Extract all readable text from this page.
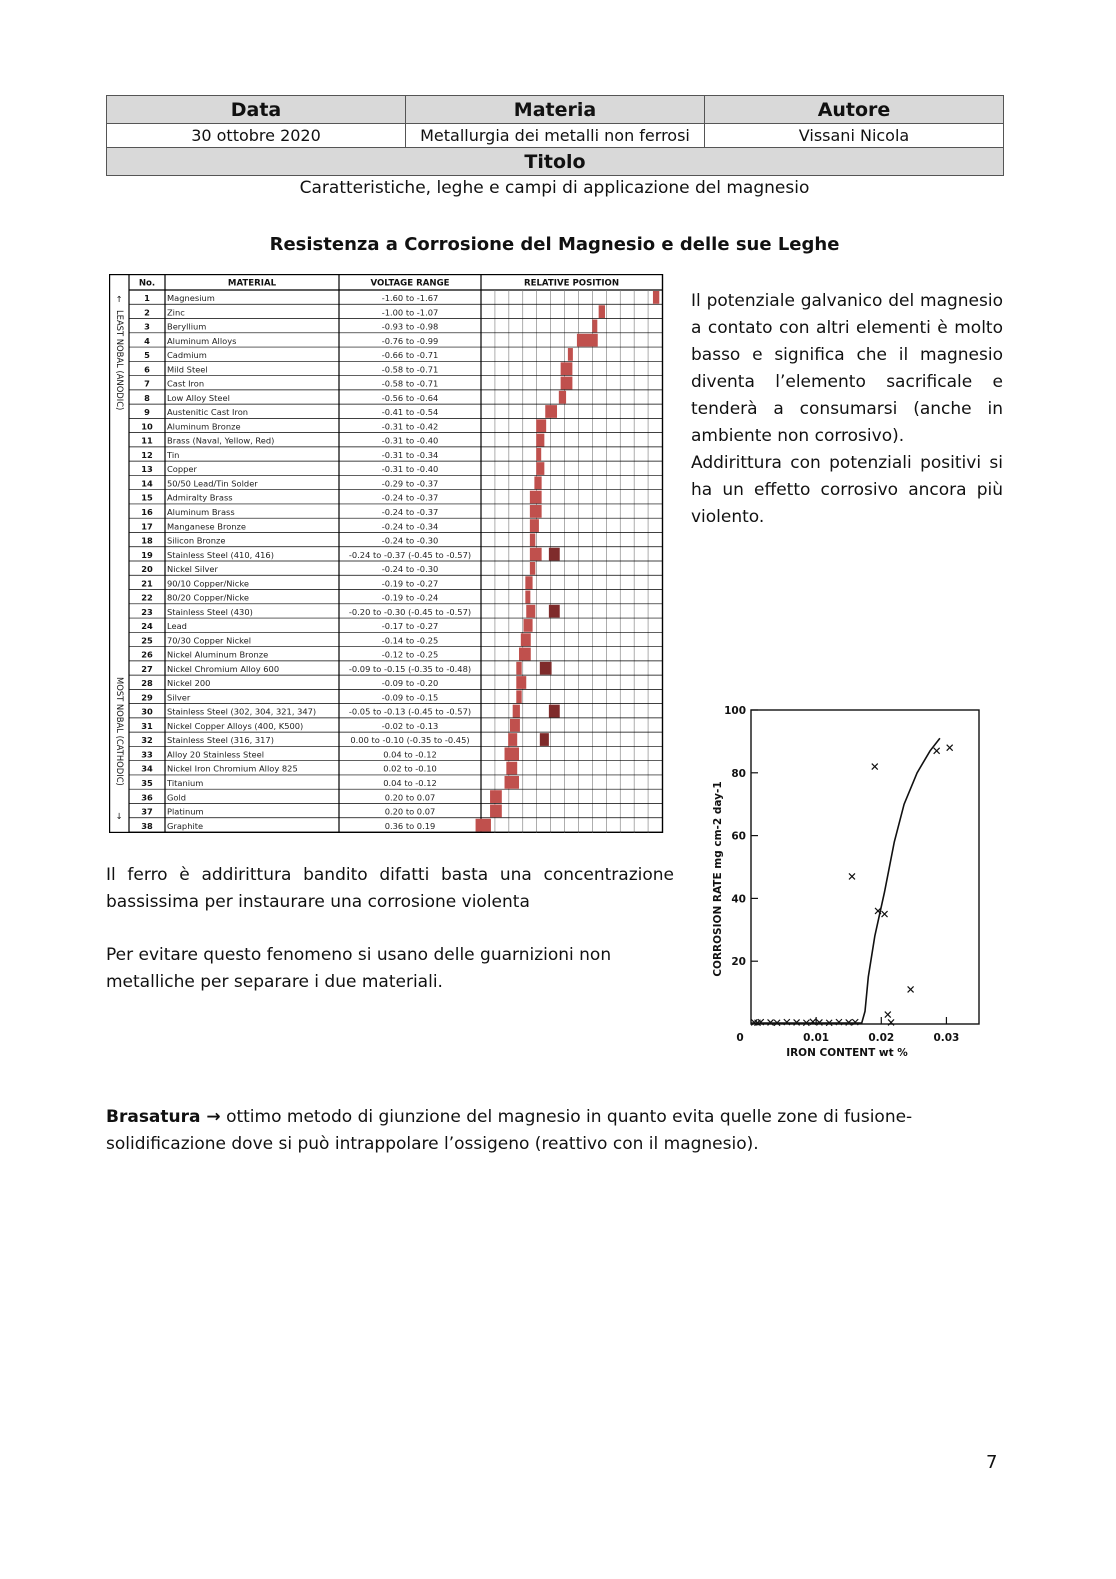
Data	Materia	Autore
30 ottobre 2020	Metallurgia dei metalli non ferrosi	Vissani Nicola
Titolo		
Caratteristiche, leghe e campi di applicazione del magnesio
Resistenza a Corrosione del Magnesio e delle sue Leghe
No.	MATERIAL	VOLTAGE RANGE	RELATIVE POSITION
LEAST NOBAL (ANODIC)
MOST NOBAL (CATHODIC)
↑
↓
1 Magnesium	-1.60 to -1.67
2 Zinc	-1.00 to -1.07
3 Beryllium	-0.93 to -0.98
4 Aluminum Alloys	-0.76 to -0.99
5 Cadmium	-0.66 to -0.71
6 Mild Steel	-0.58 to -0.71
7 Cast Iron	-0.58 to -0.71
8 Low Alloy Steel	-0.56 to -0.64
9 Austenitic Cast Iron	-0.41 to -0.54
10 Aluminum Bronze	-0.31 to -0.42
11 Brass (Naval, Yellow, Red)	-0.31 to -0.40
12 Tin	-0.31 to -0.34
13 Copper	-0.31 to -0.40
14 50/50 Lead/Tin Solder	-0.29 to -0.37
15 Admiralty Brass	-0.24 to -0.37
16 Aluminum Brass	-0.24 to -0.37
17 Manganese Bronze	-0.24 to -0.34
18 Silicon Bronze	-0.24 to -0.30
19 Stainless Steel (410, 416)	-0.24 to -0.37 (-0.45 to -0.57)
20 Nickel Silver	-0.24 to -0.30
21 90/10 Copper/Nicke	-0.19 to -0.27
22 80/20 Copper/Nicke	-0.19 to -0.24
23 Stainless Steel (430)	-0.20 to -0.30 (-0.45 to -0.57)
24 Lead	-0.17 to -0.27
25 70/30 Copper Nickel	-0.14 to -0.25
26 Nickel Aluminum Bronze	-0.12 to -0.25
27 Nickel Chromium Alloy 600	-0.09 to -0.15 (-0.35 to -0.48)
28 Nickel 200	-0.09 to -0.20
29 Silver	-0.09 to -0.15
30 Stainless Steel (302, 304, 321, 347)	-0.05 to -0.13 (-0.45 to -0.57)
31 Nickel Copper Alloys (400, K500)	-0.02 to -0.13
32 Stainless Steel (316, 317)	0.00 to -0.10 (-0.35 to -0.45)
33 Alloy 20 Stainless Steel	0.04 to -0.12
34 Nickel Iron Chromium Alloy 825	0.02 to -0.10
35 Titanium	0.04 to -0.12
36 Gold	0.20 to 0.07
37 Platinum	0.20 to 0.07
38 Graphite	0.36 to 0.19

Il potenziale galvanico del magnesio a contato con altri elementi è molto basso e significa che il magnesio diventa l’elemento sacrificale e tenderà a consumarsi (anche in ambiente non corrosivo).

Addirittura con potenziali positivi si ha un effetto corrosivo ancora più violento.

100
80
60
40
20
0	0.01	0.02	0.03
IRON CONTENT wt %
CORROSION RATE mg cm-2 day-1

Il ferro è addirittura bandito difatti basta una concentrazione bassissima per instaurare una corrosione violenta

Per evitare questo fenomeno si usano delle guarnizioni non metalliche per separare i due materiali.

Brasatura → ottimo metodo di giunzione del magnesio in quanto evita quelle zone di fusione-solidificazione dove si può intrappolare l’ossigeno (reattivo con il magnesio).

7
